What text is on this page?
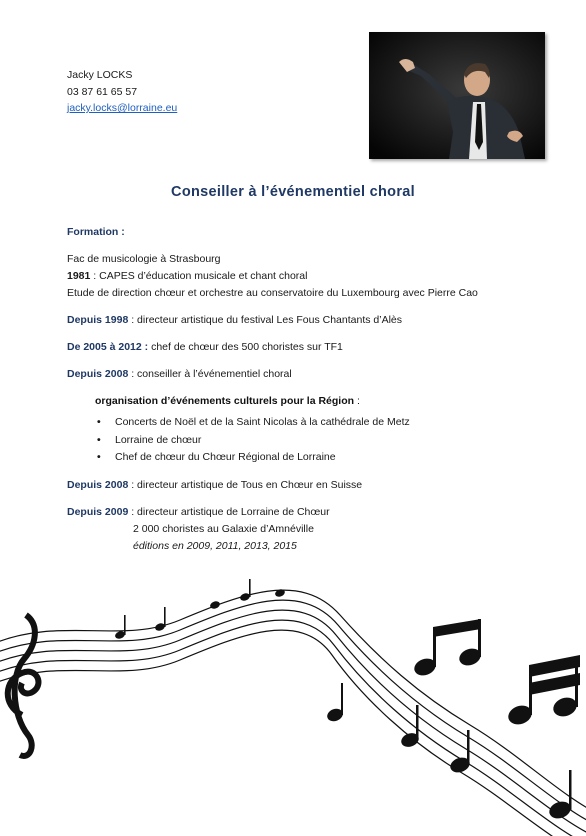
Jacky LOCKS
03 87 61 65 57
jacky.locks@lorraine.eu
Conseiller à l’événementiel choral

Formation :

Fac de musicologie à Strasbourg

1981 : CAPES d’éducation musicale et chant choral

Etude de direction chœur et orchestre au conservatoire du Luxembourg avec Pierre Cao

Depuis 1998 : directeur artistique du festival Les Fous Chantants d’Alès

De 2005 à 2012 : chef de chœur des 500 choristes sur TF1

Depuis 2008 : conseiller à l’événementiel choral

organisation d’événements culturels pour la Région :

• Concerts de Noël et de la Saint Nicolas à la cathédrale de Metz
• Lorraine de chœur
• Chef de chœur du Chœur Régional de Lorraine

Depuis 2008 : directeur artistique de Tous en Chœur en Suisse

Depuis 2009 : directeur artistique de Lorraine de Chœur

2 000 choristes au Galaxie d’Amnéville

éditions en 2009, 2011, 2013, 2015
